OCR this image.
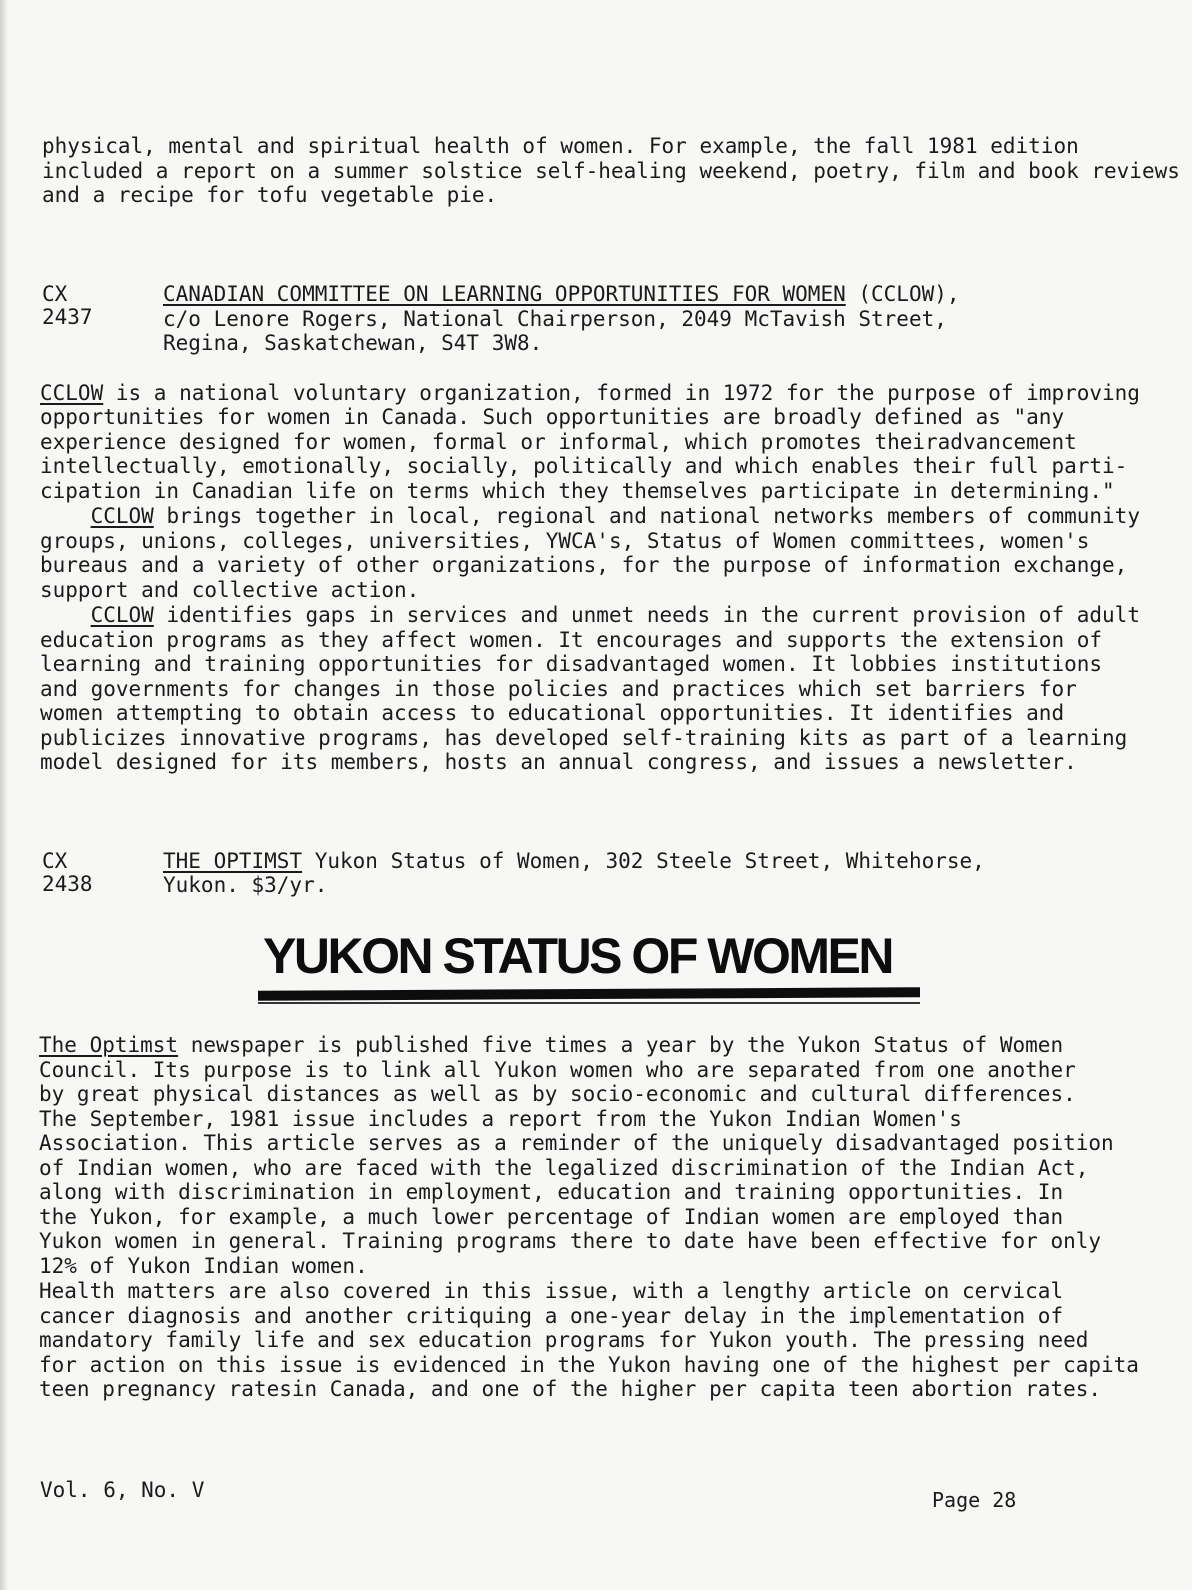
physical, mental and spiritual health of women. For example, the fall 1981 edition
included a report on a summer solstice self-healing weekend, poetry, film and book reviews
and a recipe for tofu vegetable pie.
CX
2437
CANADIAN COMMITTEE ON LEARNING OPPORTUNITIES FOR WOMEN (CCLOW),
c/o Lenore Rogers, National Chairperson, 2049 McTavish Street,
Regina, Saskatchewan, S4T 3W8.
CCLOW is a national voluntary organization, formed in 1972 for the purpose of improving
opportunities for women in Canada. Such opportunities are broadly defined as "any
experience designed for women, formal or informal, which promotes theiradvancement
intellectually, emotionally, socially, politically and which enables their full parti-
cipation in Canadian life on terms which they themselves participate in determining."
CCLOW brings together in local, regional and national networks members of community
groups, unions, colleges, universities, YWCA's, Status of Women committees, women's
bureaus and a variety of other organizations, for the purpose of information exchange,
support and collective action.
CCLOW identifies gaps in services and unmet needs in the current provision of adult
education programs as they affect women. It encourages and supports the extension of
learning and training opportunities for disadvantaged women. It lobbies institutions
and governments for changes in those policies and practices which set barriers for
women attempting to obtain access to educational opportunities. It identifies and
publicizes innovative programs, has developed self-training kits as part of a learning
model designed for its members, hosts an annual congress, and issues a newsletter.
CX
2438
THE OPTIMST Yukon Status of Women, 302 Steele Street, Whitehorse,
Yukon. $3/yr.
YUKON STATUS OF WOMEN
The Optimst newspaper is published five times a year by the Yukon Status of Women
Council. Its purpose is to link all Yukon women who are separated from one another
by great physical distances as well as by socio-economic and cultural differences.
The September, 1981 issue includes a report from the Yukon Indian Women's
Association. This article serves as a reminder of the uniquely disadvantaged position
of Indian women, who are faced with the legalized discrimination of the Indian Act,
along with discrimination in employment, education and training opportunities. In
the Yukon, for example, a much lower percentage of Indian women are employed than
Yukon women in general. Training programs there to date have been effective for only
12% of Yukon Indian women.
Health matters are also covered in this issue, with a lengthy article on cervical
cancer diagnosis and another critiquing a one-year delay in the implementation of
mandatory family life and sex education programs for Yukon youth. The pressing need
for action on this issue is evidenced in the Yukon having one of the highest per capita
teen pregnancy ratesin Canada, and one of the higher per capita teen abortion rates.
Vol. 6, No. V	Page 28
